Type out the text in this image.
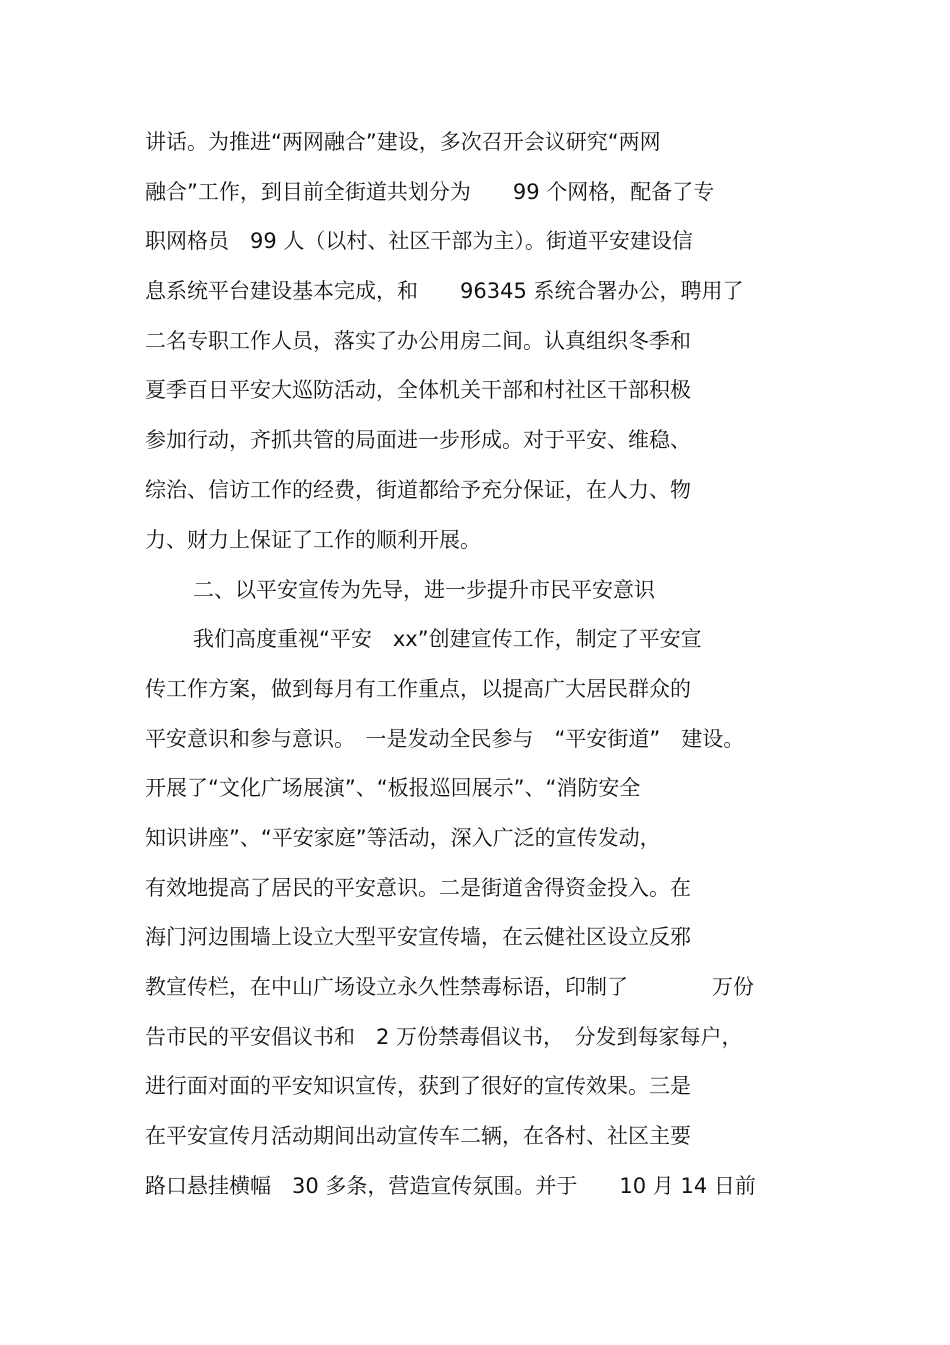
讲话。为推进“两网融合”建设，多次召开会议研究“两网
融合”工作，到目前全街道共划分为　　99 个网格，配备了专
职网格员　99 人（以村、社区干部为主）。街道平安建设信
息系统平台建设基本完成，和　　96345 系统合署办公，聘用了
二名专职工作人员，落实了办公用房二间。认真组织冬季和
夏季百日平安大巡防活动，全体机关干部和村社区干部积极
参加行动，齐抓共管的局面进一步形成。对于平安、维稳、
综治、信访工作的经费，街道都给予充分保证，在人力、物
力、财力上保证了工作的顺利开展。
二、以平安宣传为先导，进一步提升市民平安意识
我们高度重视“平安　xx”创建宣传工作，制定了平安宣
传工作方案，做到每月有工作重点，以提高广大居民群众的
平安意识和参与意识。　一是发动全民参与　“平安街道”　建设。
开展了“文化广场展演”、“板报巡回展示”、“消防安全
知识讲座”、“平安家庭”等活动，深入广泛的宣传发动，
有效地提高了居民的平安意识。二是街道舍得资金投入。在
海门河边围墙上设立大型平安宣传墙，在云健社区设立反邪
教宣传栏，在中山广场设立永久性禁毒标语，印制了　　　　万份
告市民的平安倡议书和　2 万份禁毒倡议书，　分发到每家每户，
进行面对面的平安知识宣传，获到了很好的宣传效果。三是
在平安宣传月活动期间出动宣传车二辆，在各村、社区主要
路口悬挂横幅　30 多条，营造宣传氛围。并于　　10 月 14 日前
